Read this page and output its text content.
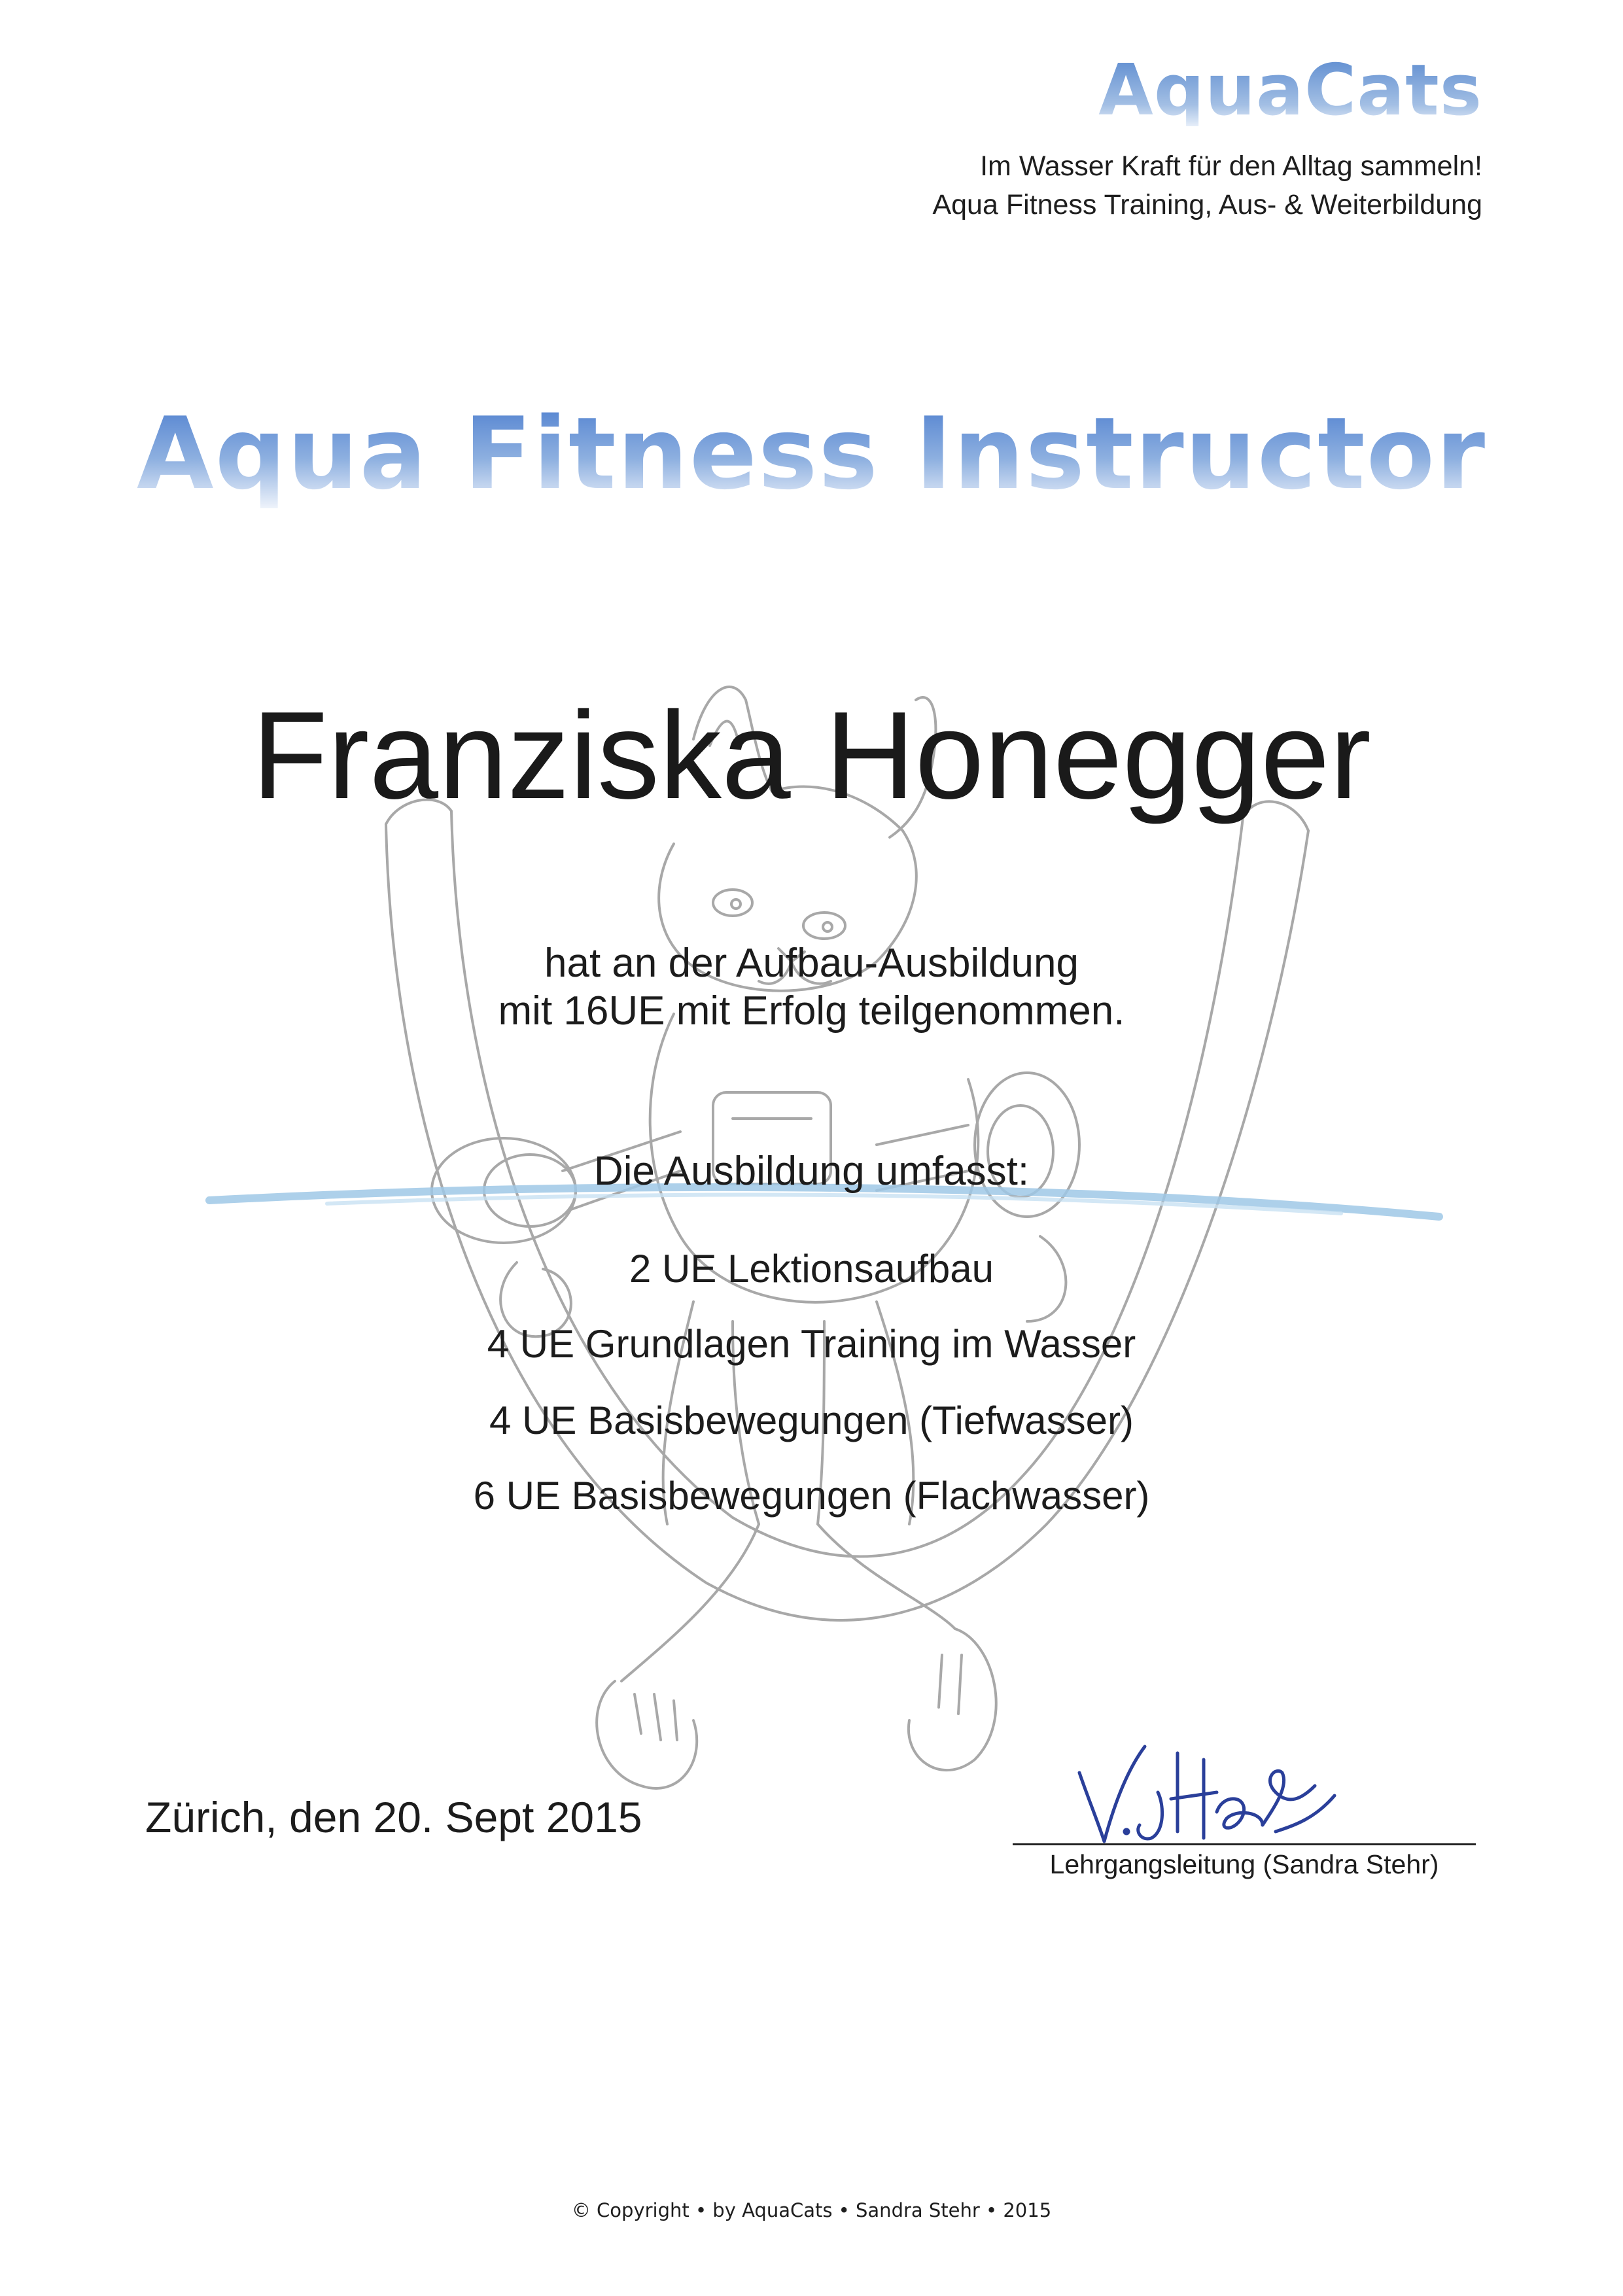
AquaCats
Im Wasser Kraft für den Alltag sammeln!
Aqua Fitness Training, Aus- & Weiterbildung
Aqua Fitness Instructor
Franziska Honegger
hat an der Aufbau-Ausbildung
mit 16UE mit Erfolg teilgenommen.
Die Ausbildung umfasst:
2 UE Lektionsaufbau
4 UE Grundlagen Training im Wasser
4 UE Basisbewegungen (Tiefwasser)
6 UE Basisbewegungen (Flachwasser)
Zürich, den 20. Sept 2015
Lehrgangsleitung (Sandra Stehr)
© Copyright • by AquaCats • Sandra Stehr • 2015
